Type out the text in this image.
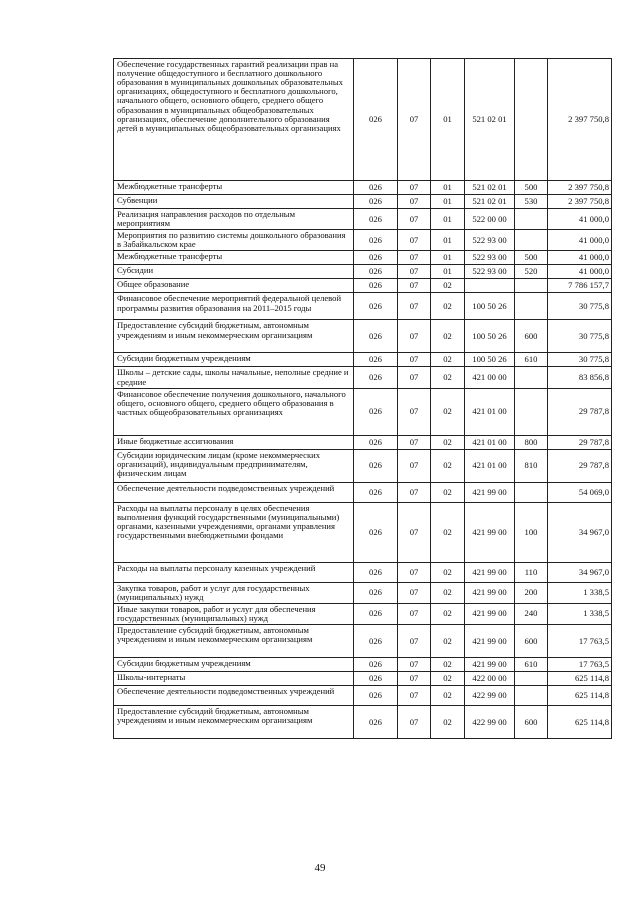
Обеспечение государственных гарантий реализации прав на получение общедоступного и бесплатного дошкольного образования в муниципальных дошкольных образовательных организациях, общедоступного и бесплатного дошкольного, начального общего, основного общего, среднего общего образования в муниципальных общеобразовательных организациях, обеспечение дополнительного образования детей в муниципальных общеобразовательных организациях	026	07	01	521 02 01		2 397 750,8
Межбюджетные трансферты	026	07	01	521 02 01	500	2 397 750,8
Субвенции	026	07	01	521 02 01	530	2 397 750,8
Реализация направления расходов по отдельным мероприятиям	026	07	01	522 00 00		41 000,0
Мероприятия по развитию системы дошкольного образования в Забайкальском крае	026	07	01	522 93 00		41 000,0
Межбюджетные трансферты	026	07	01	522 93 00	500	41 000,0
Субсидии	026	07	01	522 93 00	520	41 000,0
Общее образование	026	07	02			7 786 157,7
Финансовое обеспечение мероприятий федеральной целевой программы развития образования на 2011–2015 годы	026	07	02	100 50 26		30 775,8
Предоставление субсидий бюджетным, автономным учреждениям и иным некоммерческим организациям	026	07	02	100 50 26	600	30 775,8
Субсидии бюджетным учреждениям	026	07	02	100 50 26	610	30 775,8
Школы – детские сады, школы начальные, неполные средние и средние	026	07	02	421 00 00		83 856,8
Финансовое обеспечение получения дошкольного, начального общего, основного общего, среднего общего образования в частных общеобразовательных организациях	026	07	02	421 01 00		29 787,8
Иные бюджетные ассигнования	026	07	02	421 01 00	800	29 787,8
Субсидии юридическим лицам (кроме некоммерческих организаций), индивидуальным предпринимателям, физическим лицам	026	07	02	421 01 00	810	29 787,8
Обеспечение деятельности подведомственных учреждений	026	07	02	421 99 00		54 069,0
Расходы на выплаты персоналу в целях обеспечения выполнения функций государственными (муниципальными) органами, казенными учреждениями, органами управления государственными внебюджетными фондами	026	07	02	421 99 00	100	34 967,0
Расходы на выплаты персоналу казенных учреждений	026	07	02	421 99 00	110	34 967,0
Закупка товаров, работ и услуг для государственных (муниципальных) нужд	026	07	02	421 99 00	200	1 338,5
Иные закупки товаров, работ и услуг для обеспечения государственных (муниципальных) нужд	026	07	02	421 99 00	240	1 338,5
Предоставление субсидий бюджетным, автономным учреждениям и иным некоммерческим организациям	026	07	02	421 99 00	600	17 763,5
Субсидии бюджетным учреждениям	026	07	02	421 99 00	610	17 763,5
Школы-интернаты	026	07	02	422 00 00		625 114,8
Обеспечение деятельности подведомственных учреждений	026	07	02	422 99 00		625 114,8
Предоставление субсидий бюджетным, автономным учреждениям и иным некоммерческим организациям	026	07	02	422 99 00	600	625 114,8
49
